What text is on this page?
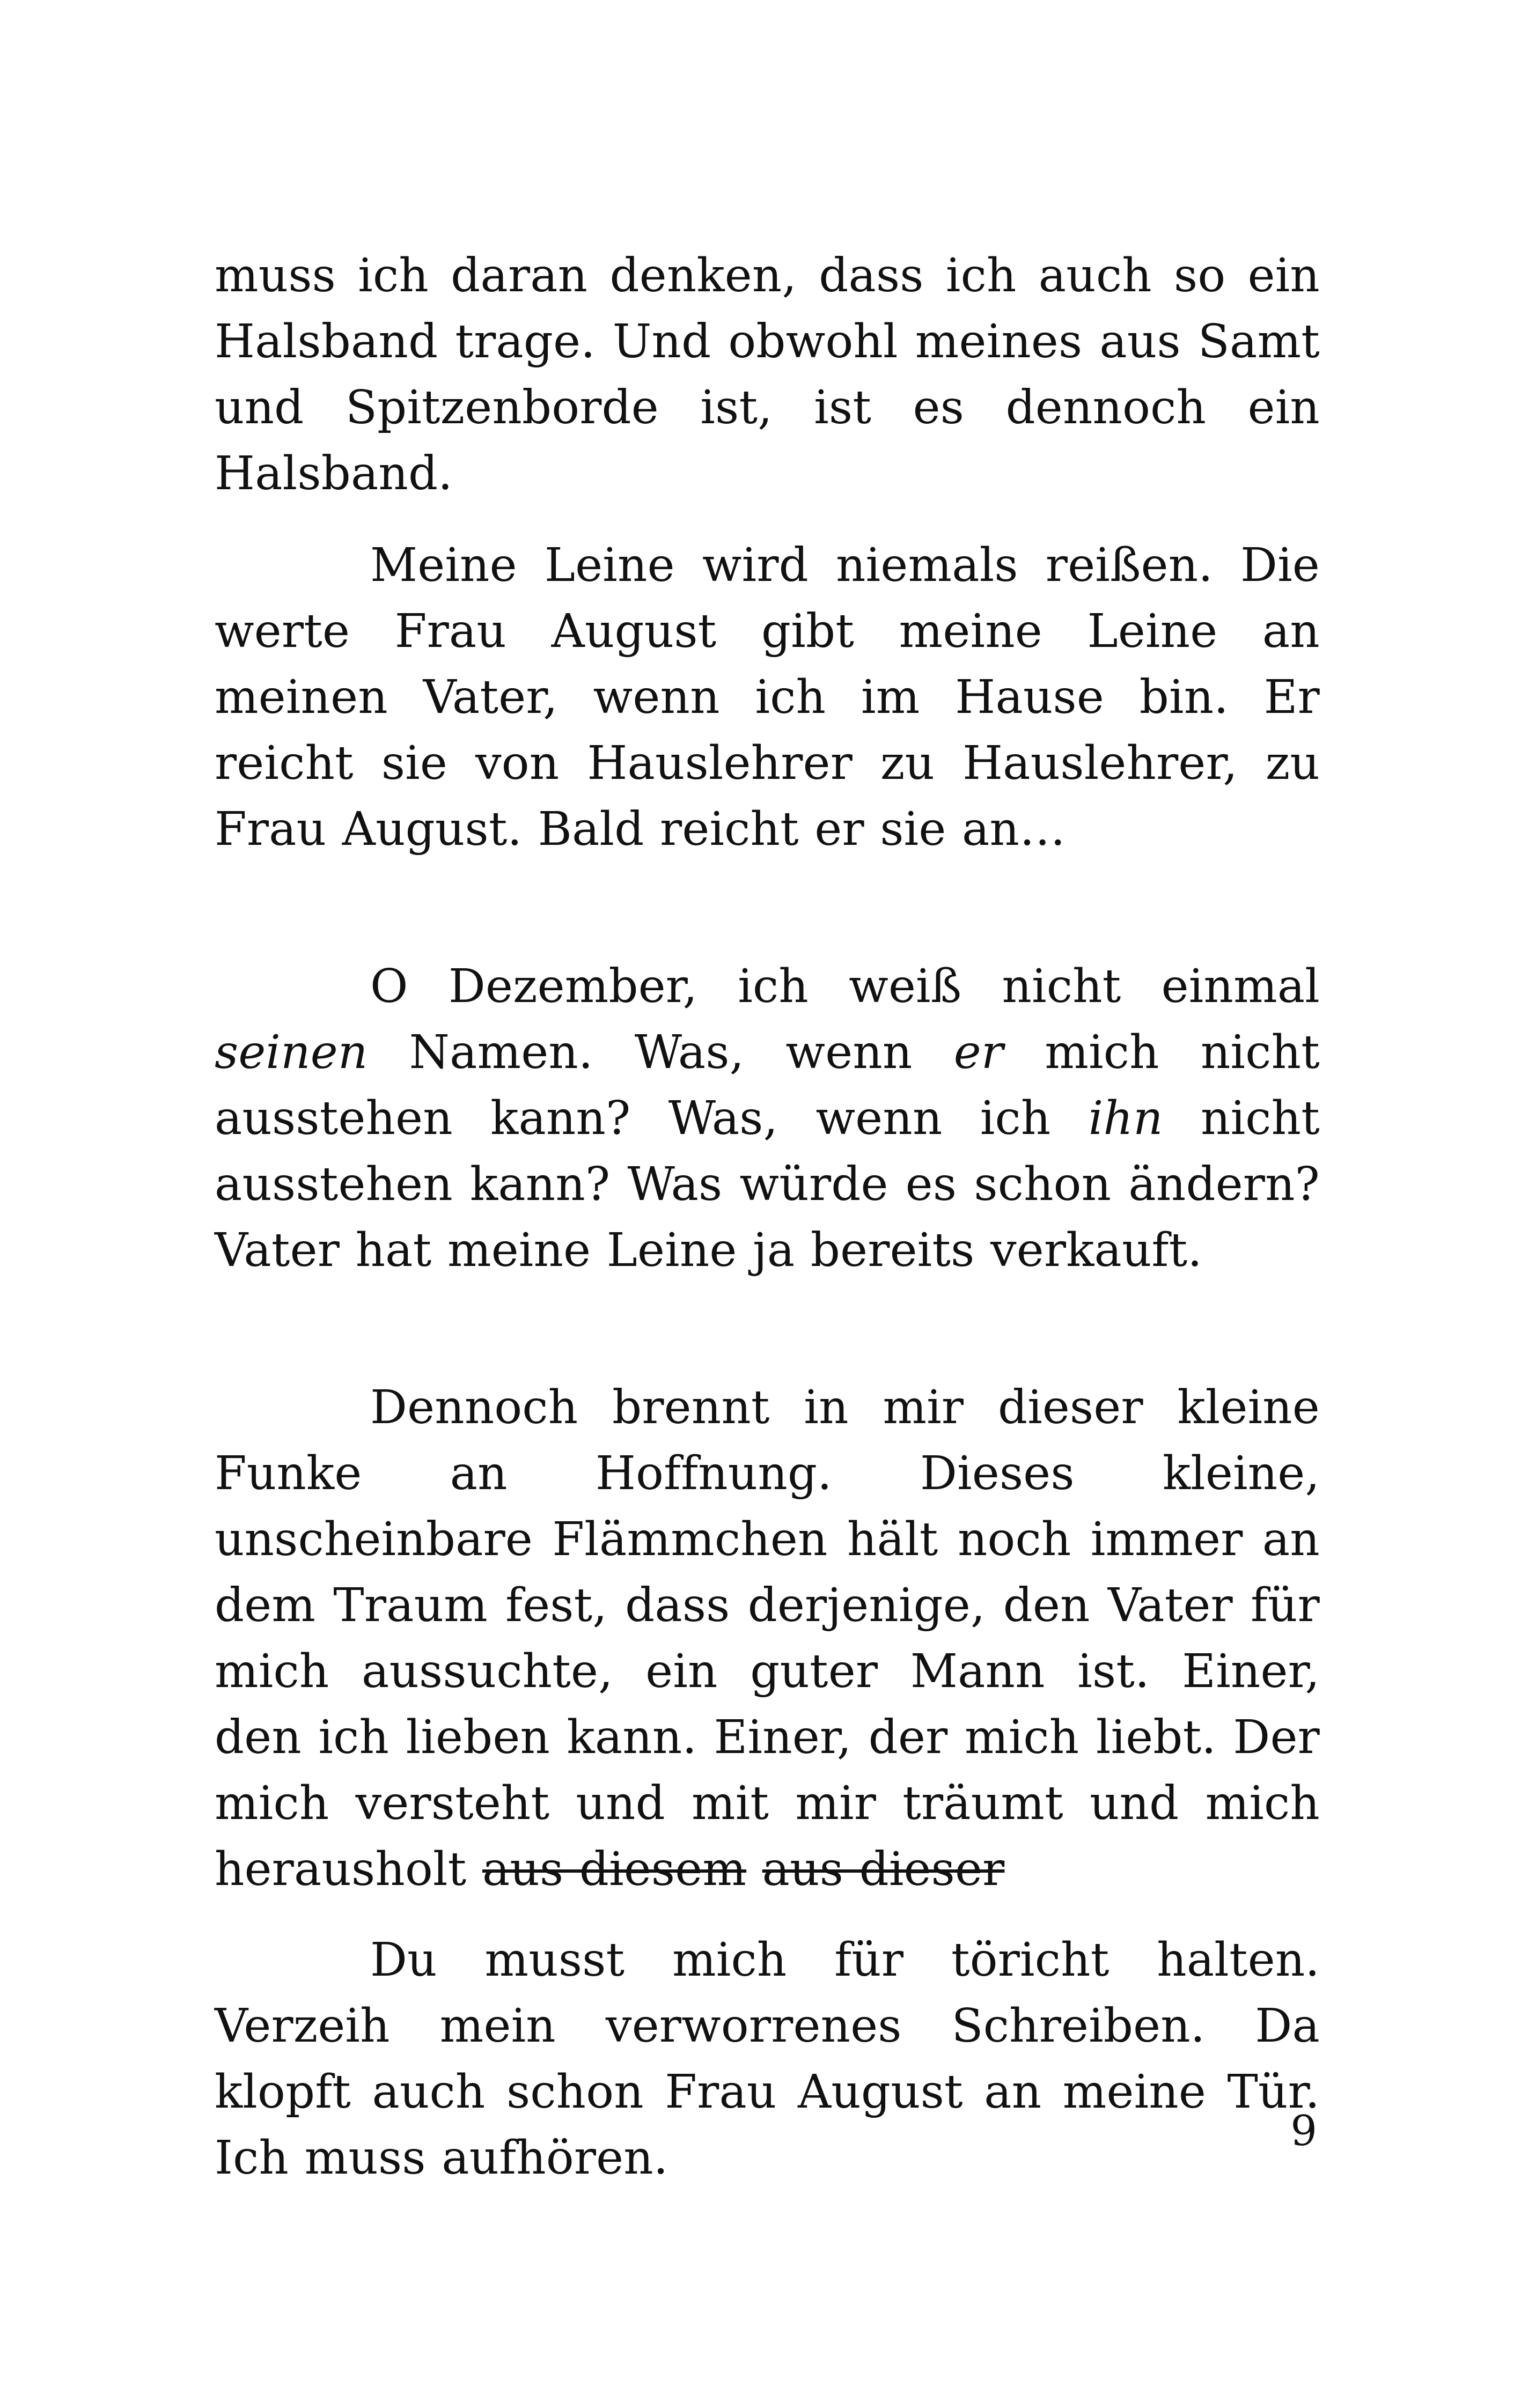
muss ich daran denken, dass ich auch so ein Halsband trage. Und obwohl meines aus Samt und Spitzenborde ist, ist es dennoch ein Halsband.

Meine Leine wird niemals reißen. Die werte Frau August gibt meine Leine an meinen Vater, wenn ich im Hause bin. Er reicht sie von Hauslehrer zu Hauslehrer, zu Frau August. Bald reicht er sie an…

O Dezember, ich weiß nicht einmal seinen Namen. Was, wenn er mich nicht ausstehen kann? Was, wenn ich ihn nicht ausstehen kann? Was würde es schon ändern? Vater hat meine Leine ja bereits verkauft.

Dennoch brennt in mir dieser kleine Funke an Hoffnung. Dieses kleine, unscheinbare Flämmchen hält noch immer an dem Traum fest, dass derjenige, den Vater für mich aussuchte, ein guter Mann ist. Einer, den ich lieben kann. Einer, der mich liebt. Der mich versteht und mit mir träumt und mich herausholt aus diesem aus dieser

Du musst mich für töricht halten. Verzeih mein verworrenes Schreiben. Da klopft auch schon Frau August an meine Tür. Ich muss aufhören.	9
